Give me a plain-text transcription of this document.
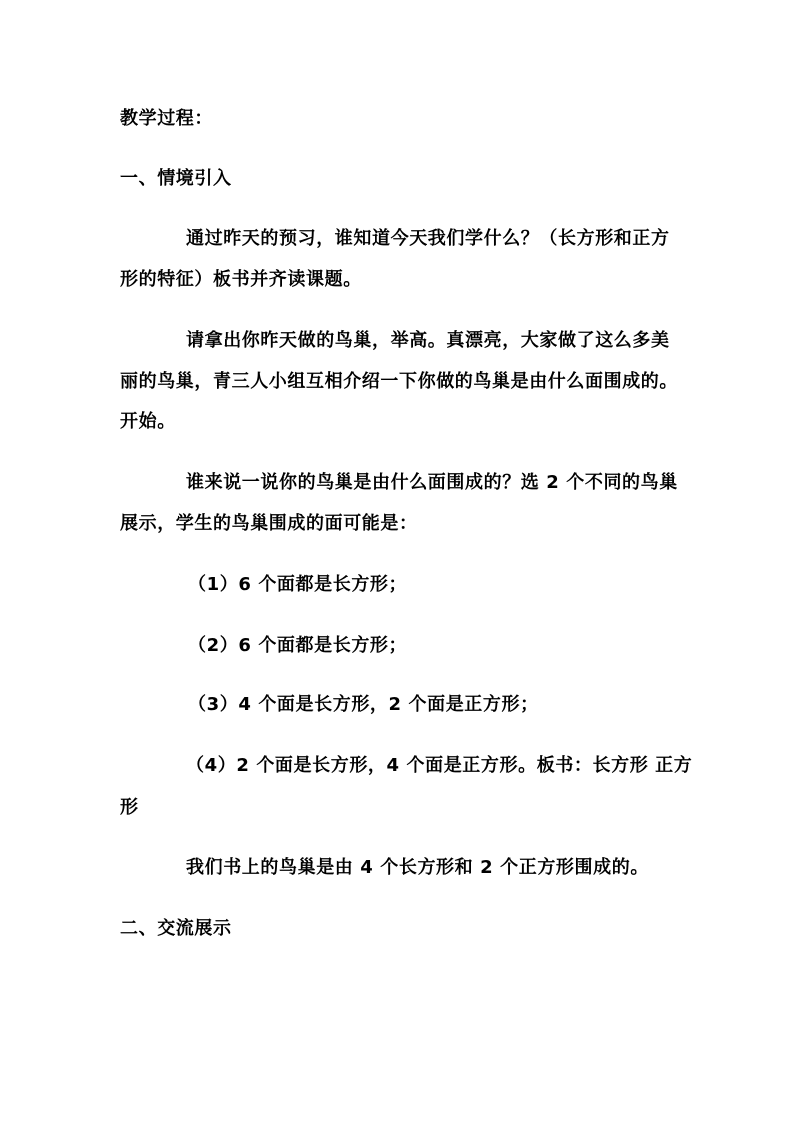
教学过程：
一、情境引入
通过昨天的预习，谁知道今天我们学什么？（长方形和正方
形的特征）板书并齐读课题。
请拿出你昨天做的鸟巢，举高。真漂亮，大家做了这么多美
丽的鸟巢，青三人小组互相介绍一下你做的鸟巢是由什么面围成的。
开始。
谁来说一说你的鸟巢是由什么面围成的？选 2 个不同的鸟巢
展示，学生的鸟巢围成的面可能是：
（1）6 个面都是长方形；
（2）6 个面都是长方形；
（3）4 个面是长方形，2 个面是正方形；
（4）2 个面是长方形，4 个面是正方形。板书：长方形 正方
形
我们书上的鸟巢是由 4 个长方形和 2 个正方形围成的。
二、交流展示
